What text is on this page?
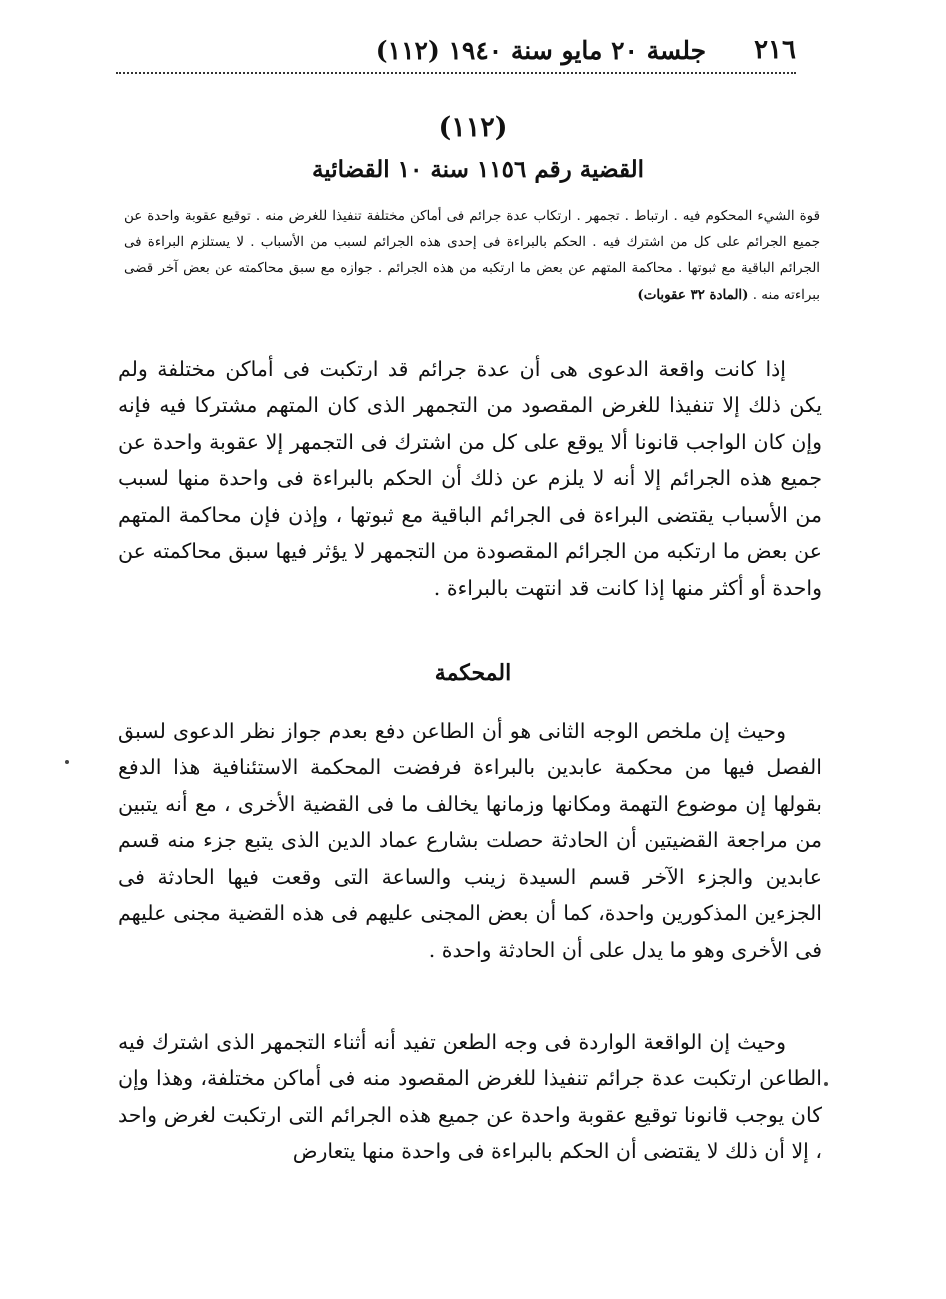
٢١٦
جلسة ٢٠ مايو سنة ١٩٤٠ (١١٢)
(١١٢)
القضية رقم ١١٥٦ سنة ١٠ القضائية
قوة الشيء المحكوم فيه . ارتباط . تجمهر . ارتكاب عدة جرائم فى أماكن مختلفة تنفيذا للغرض منه . توقيع عقوبة واحدة عن جميع الجرائم على كل من اشترك فيه . الحكم بالبراءة فى إحدى هذه الجرائم لسبب من الأسباب . لا يستلزم البراءة فى الجرائم الباقية مع ثبوتها . محاكمة المتهم عن بعض ما ارتكبه من هذه الجرائم . جوازه مع سبق محاكمته عن بعض آخر قضى ببراءته منه . (المادة ٣٢ عقوبات)

إذا كانت واقعة الدعوى هى أن عدة جرائم قد ارتكبت فى أماكن مختلفة ولم يكن ذلك إلا تنفيذا للغرض المقصود من التجمهر الذى كان المتهم مشتركا فيه فإنه وإن كان الواجب قانونا ألا يوقع على كل من اشترك فى التجمهر إلا عقوبة واحدة عن جميع هذه الجرائم إلا أنه لا يلزم عن ذلك أن الحكم بالبراءة فى واحدة منها لسبب من الأسباب يقتضى البراءة فى الجرائم الباقية مع ثبوتها ، وإذن فإن محاكمة المتهم عن بعض ما ارتكبه من الجرائم المقصودة من التجمهر لا يؤثر فيها سبق محاكمته عن واحدة أو أكثر منها إذا كانت قد انتهت بالبراءة .

المحكمة

وحيث إن ملخص الوجه الثانى هو أن الطاعن دفع بعدم جواز نظر الدعوى لسبق الفصل فيها من محكمة عابدين بالبراءة فرفضت المحكمة الاستئنافية هذا الدفع بقولها إن موضوع التهمة ومكانها وزمانها يخالف ما فى القضية الأخرى ، مع أنه يتبين من مراجعة القضيتين أن الحادثة حصلت بشارع عماد الدين الذى يتبع جزء منه قسم عابدين والجزء الآخر قسم السيدة زينب والساعة التى وقعت فيها الحادثة فى الجزءين المذكورين واحدة، كما أن بعض المجنى عليهم فى هذه القضية مجنى عليهم فى الأخرى وهو ما يدل على أن الحادثة واحدة .

وحيث إن الواقعة الواردة فى وجه الطعن تفيد أنه أثناء التجمهر الذى اشترك فيه الطاعن ارتكبت عدة جرائم تنفيذا للغرض المقصود منه فى أماكن مختلفة، وهذا وإن كان يوجب قانونا توقيع عقوبة واحدة عن جميع هذه الجرائم التى ارتكبت لغرض واحد ، إلا أن ذلك لا يقتضى أن الحكم بالبراءة فى واحدة منها يتعارض
